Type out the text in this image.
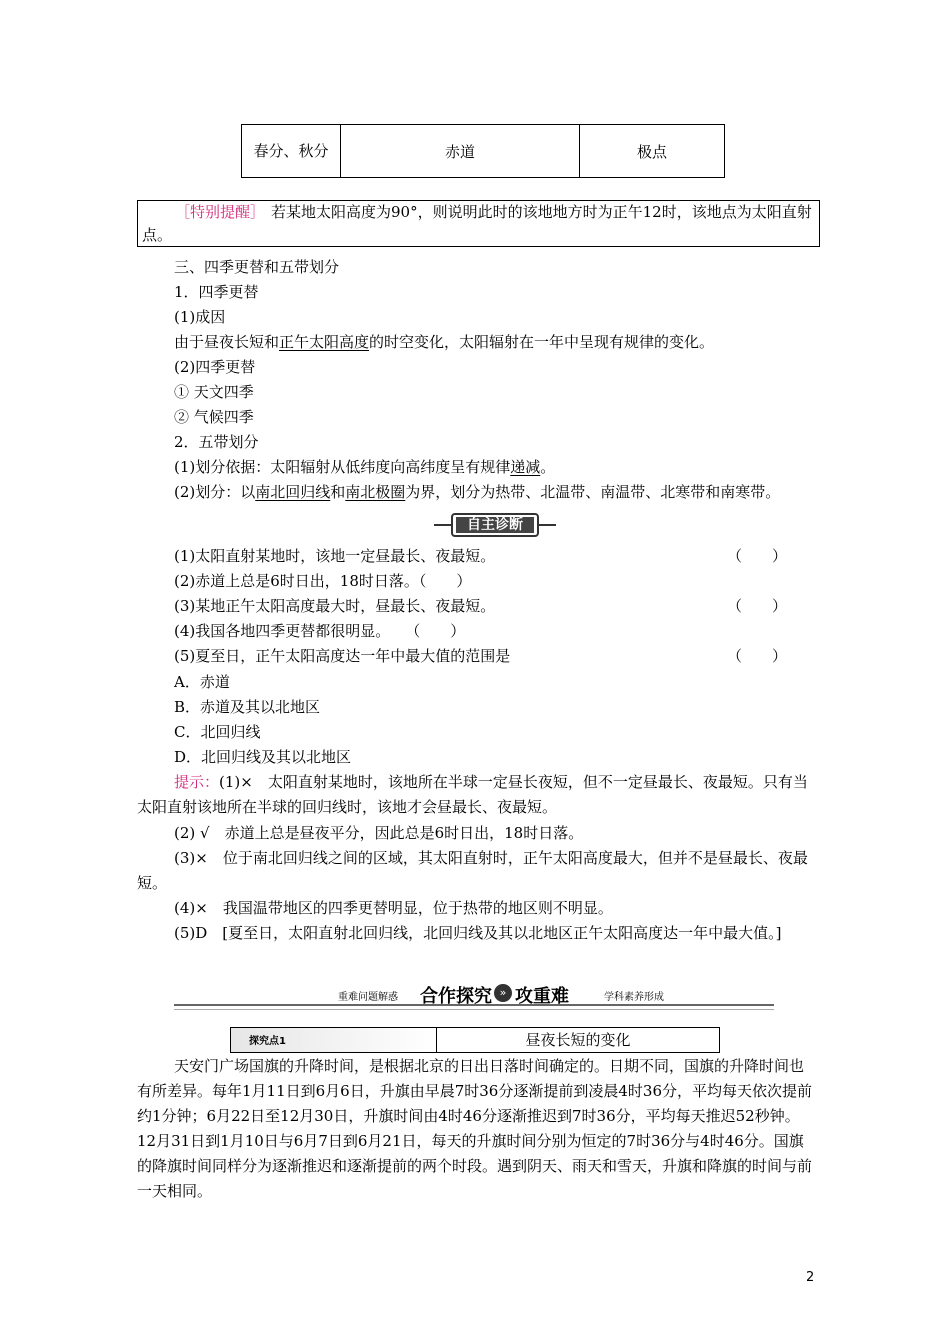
春分、秋分	赤道	极点
［特别提醒］ 若某地太阳高度为90°，则说明此时的该地地方时为正午12时，该地点为太阳直射点。
三、四季更替和五带划分
1．四季更替
(1)成因
由于昼夜长短和正午太阳高度的时空变化，太阳辐射在一年中呈现有规律的变化。
(2)四季更替
① 天文四季
② 气候四季
2．五带划分
(1)划分依据：太阳辐射从低纬度向高纬度呈有规律递减。
(2)划分：以南北回归线和南北极圈为界，划分为热带、北温带、南温带、北寒带和南寒带。
自主诊断
(1)太阳直射某地时，该地一定昼最长、夜最短。	（　　）
(2)赤道上总是6时日出，18时日落。（　　）
(3)某地正午太阳高度最大时，昼最长、夜最短。	（　　）
(4)我国各地四季更替都很明显。　　（　　）
(5)夏至日，正午太阳高度达一年中最大值的范围是	（　　）
A．赤道
B．赤道及其以北地区
C．北回归线
D．北回归线及其以北地区
提示：(1)×　太阳直射某地时，该地所在半球一定昼长夜短，但不一定昼最长、夜最短。只有当太阳直射该地所在半球的回归线时，该地才会昼最长、夜最短。
(2) √　赤道上总是昼夜平分，因此总是6时日出，18时日落。
(3)×　位于南北回归线之间的区域，其太阳直射时，正午太阳高度最大，但并不是昼最长、夜最短。
(4)×　我国温带地区的四季更替明显，位于热带的地区则不明显。
(5)D　[夏至日，太阳直射北回归线，北回归线及其以北地区正午太阳高度达一年中最大值。]
重难问题解惑 合作探究 » 攻重难	学科素养形成
探究点1	昼夜长短的变化
天安门广场国旗的升降时间，是根据北京的日出日落时间确定的。日期不同，国旗的升降时间也有所差异。每年1月11日到6月6日，升旗由早晨7时36分逐渐提前到凌晨4时36分，平均每天依次提前约1分钟；6月22日至12月30日，升旗时间由4时46分逐渐推迟到7时36分，平均每天推迟52秒钟。12月31日到1月10日与6月7日到6月21日，每天的升旗时间分别为恒定的7时36分与4时46分。国旗的降旗时间同样分为逐渐推迟和逐渐提前的两个时段。遇到阴天、雨天和雪天，升旗和降旗的时间与前一天相同。
2
